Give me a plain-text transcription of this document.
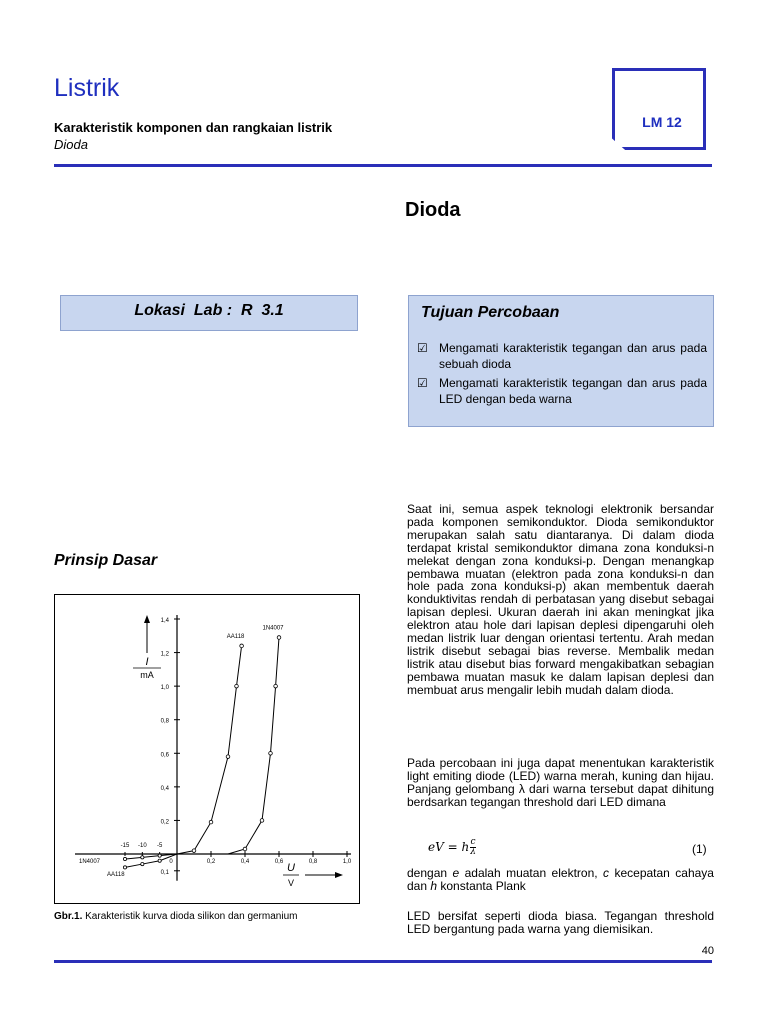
Listrik
Karakteristik komponen dan rangkaian listrik
Dioda
LM 12
Dioda
Lokasi  Lab :  R  3.1	Tujuan Percobaan
☑ Mengamati karakteristik tegangan dan arus pada sebuah dioda
☑ Mengamati karakteristik tegangan dan arus pada LED dengan beda warna
Prinsip Dasar
1,4
1,2
1,0
0,8
0,6
0,4
0,2
0,1
0,2	0,4	0,6	0,8	1,0
0
-15 -10 -5
AA118
1N4007
1N4007
AA118
I
mA
U
V
Gbr.1. Karakteristik kurva dioda silikon dan germanium
Saat ini, semua aspek teknologi elektronik bersandar pada komponen semikonduktor. Dioda semikonduktor merupakan salah satu diantaranya. Di dalam dioda terdapat kristal semikonduktor dimana zona konduksi-n melekat dengan zona konduksi-p. Dengan menangkap pembawa muatan (elektron pada zona konduksi-n dan hole pada zona konduksi-p) akan membentuk daerah konduktivitas rendah di perbatasan yang disebut sebagai lapisan deplesi. Ukuran daerah ini akan meningkat jika elektron atau hole dari lapisan deplesi dipengaruhi oleh medan listrik luar dengan orientasi tertentu. Arah medan listrik disebut sebagai bias reverse. Membalik medan listrik atau disebut bias forward mengakibatkan sebagian pembawa muatan masuk ke dalam lapisan deplesi dan membuat arus mengalir lebih mudah dalam dioda.
Pada percobaan ini juga dapat menentukan karakteristik light emiting diode (LED) warna merah, kuning dan hijau. Panjang gelombang λ dari warna tersebut dapat dihitung berdsarkan tegangan threshold dari LED dimana
eV = h $\frac{c}{\lambda}$	(1)
dengan e adalah muatan elektron, c kecepatan cahaya dan h konstanta Plank
LED bersifat seperti dioda biasa. Tegangan threshold LED bergantung pada warna yang diemisikan.
40
